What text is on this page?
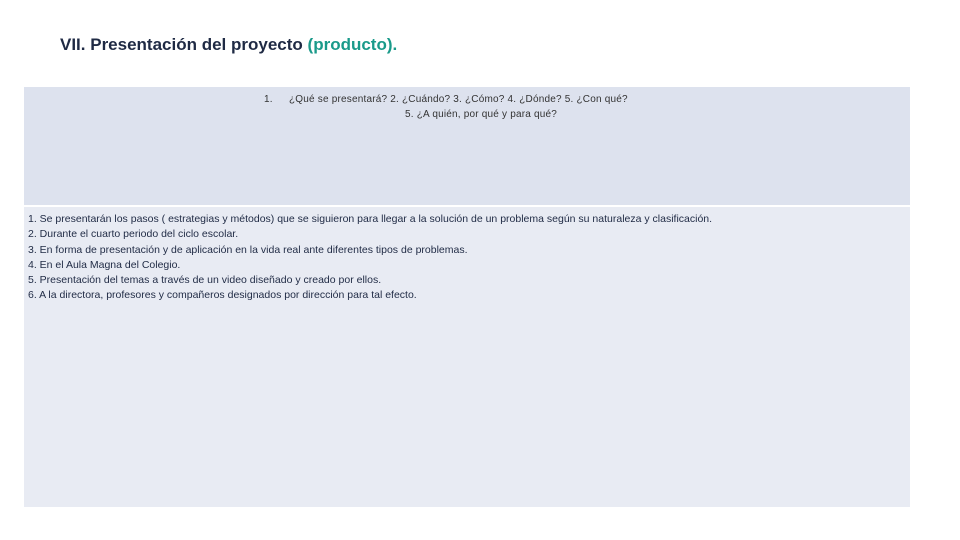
VII. Presentación del proyecto (producto).
1. ¿Qué se presentará? 2. ¿Cuándo? 3. ¿Cómo? 4. ¿Dónde? 5. ¿Con qué?
5. ¿A quién, por qué y para qué?
1. Se presentarán los pasos ( estrategias y métodos) que se siguieron para llegar a la solución de un problema según su naturaleza y clasificación.
2. Durante el cuarto periodo del ciclo escolar.
3. En forma de presentación y de aplicación en la vida real ante diferentes tipos de problemas.
4. En el Aula Magna del Colegio.
5. Presentación del temas a través de un video diseñado y creado por ellos.
6. A la directora, profesores y compañeros designados por dirección para tal efecto.
